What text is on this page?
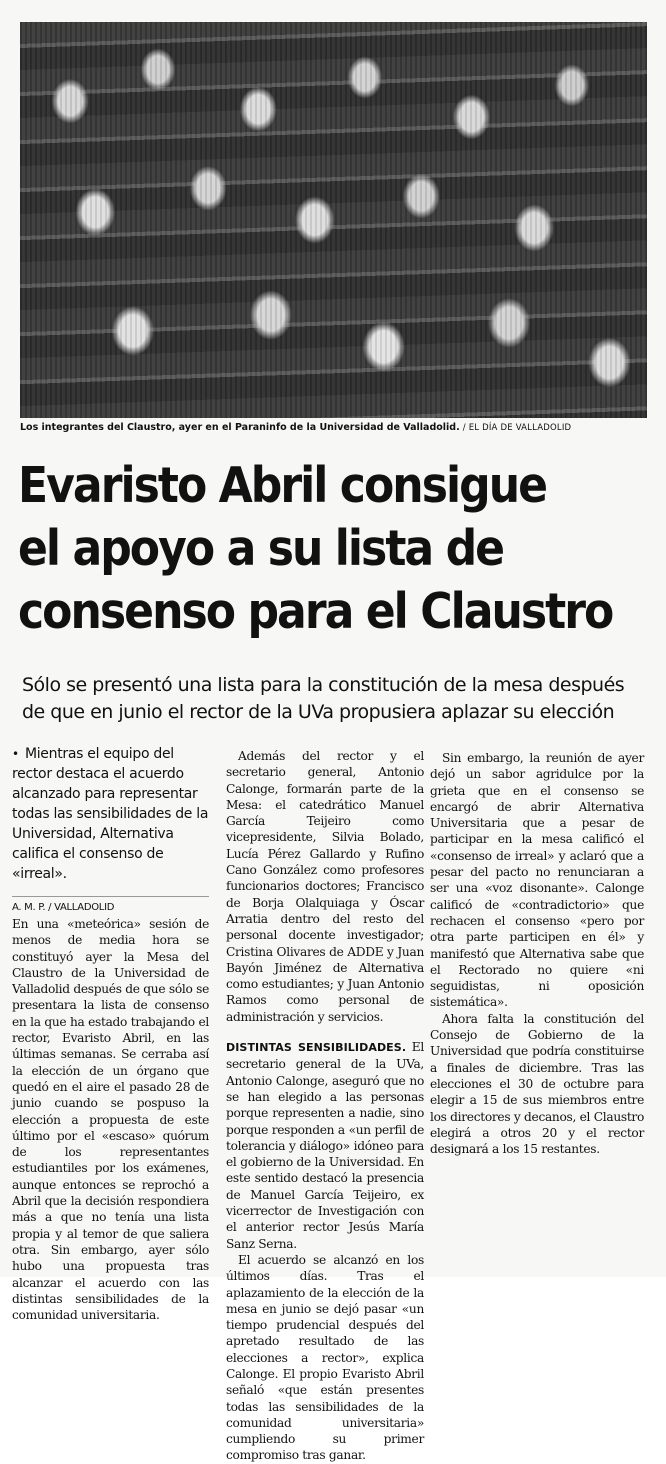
Los integrantes del Claustro, ayer en el Paraninfo de la Universidad de Valladolid. / EL DÍA DE VALLADOLID
Evaristo Abril consigue
el apoyo a su lista de
consenso para el Claustro
Sólo se presentó una lista para la constitución de la mesa después
de que en junio el rector de la UVa propusiera aplazar su elección

• Mientras el equipo del rector destaca el acuerdo alcanzado para representar todas las sensibilidades de la Universidad, Alternativa califica el consenso de «irreal».

A. M. P. / VALLADOLID

En una «meteórica» sesión de menos de media hora se constituyó ayer la Mesa del Claustro de la Universidad de Valladolid después de que sólo se presentara la lista de consenso en la que ha estado trabajando el rector, Evaristo Abril, en las últimas semanas. Se cerraba así la elección de un órgano que quedó en el aire el pasado 28 de junio cuando se pospuso la elección a propuesta de este último por el «escaso» quórum de los representantes estudiantiles por los exámenes, aunque entonces se reprochó a Abril que la decisión respondiera más a que no tenía una lista propia y al temor de que saliera otra. Sin embargo, ayer sólo hubo una propuesta tras alcanzar el acuerdo con las distintas sensibilidades de la comunidad universitaria.

Además del rector y el secretario general, Antonio Calonge, formarán parte de la Mesa: el catedrático Manuel García Teijeiro como vicepresidente, Silvia Bolado, Lucía Pérez Gallardo y Rufino Cano González como profesores funcionarios doctores; Francisco de Borja Olalquiaga y Óscar Arratia dentro del resto del personal docente investigador; Cristina Olivares de ADDE y Juan Bayón Jiménez de Alternativa como estudiantes; y Juan Antonio Ramos como personal de administración y servicios.

DISTINTAS SENSIBILIDADES. El secretario general de la UVa, Antonio Calonge, aseguró que no se han elegido a las personas porque representen a nadie, sino porque responden a «un perfil de tolerancia y diálogo» idóneo para el gobierno de la Universidad. En este sentido destacó la presencia de Manuel García Teijeiro, ex vicerrector de Investigación con el anterior rector Jesús María Sanz Serna.

El acuerdo se alcanzó en los últimos días. Tras el aplazamiento de la elección de la mesa en junio se dejó pasar «un tiempo prudencial después del apretado resultado de las elecciones a rector», explica Calonge. El propio Evaristo Abril señaló «que están presentes todas las sensibilidades de la comunidad universitaria» cumpliendo su primer compromiso tras ganar.

Sin embargo, la reunión de ayer dejó un sabor agridulce por la grieta que en el consenso se encargó de abrir Alternativa Universitaria que a pesar de participar en la mesa calificó el «consenso de irreal» y aclaró que a pesar del pacto no renunciaran a ser una «voz disonante». Calonge calificó de «contradictorio» que rechacen el consenso «pero por otra parte participen en él» y manifestó que Alternativa sabe que el Rectorado no quiere «ni seguidistas, ni oposición sistemática».

Ahora falta la constitución del Consejo de Gobierno de la Universidad que podría constituirse a finales de diciembre. Tras las elecciones el 30 de octubre para elegir a 15 de sus miembros entre los directores y decanos, el Claustro elegirá a otros 20 y el rector designará a los 15 restantes.
